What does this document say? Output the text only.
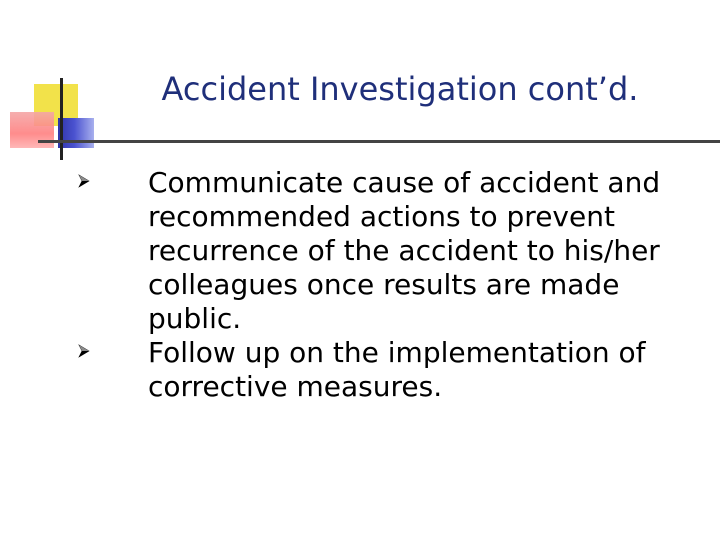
Accident Investigation cont’d.
Communicate cause of accident and recommended actions to prevent recurrence of the accident to his/her colleagues once results are made public.
Follow up on the implementation of corrective measures.
